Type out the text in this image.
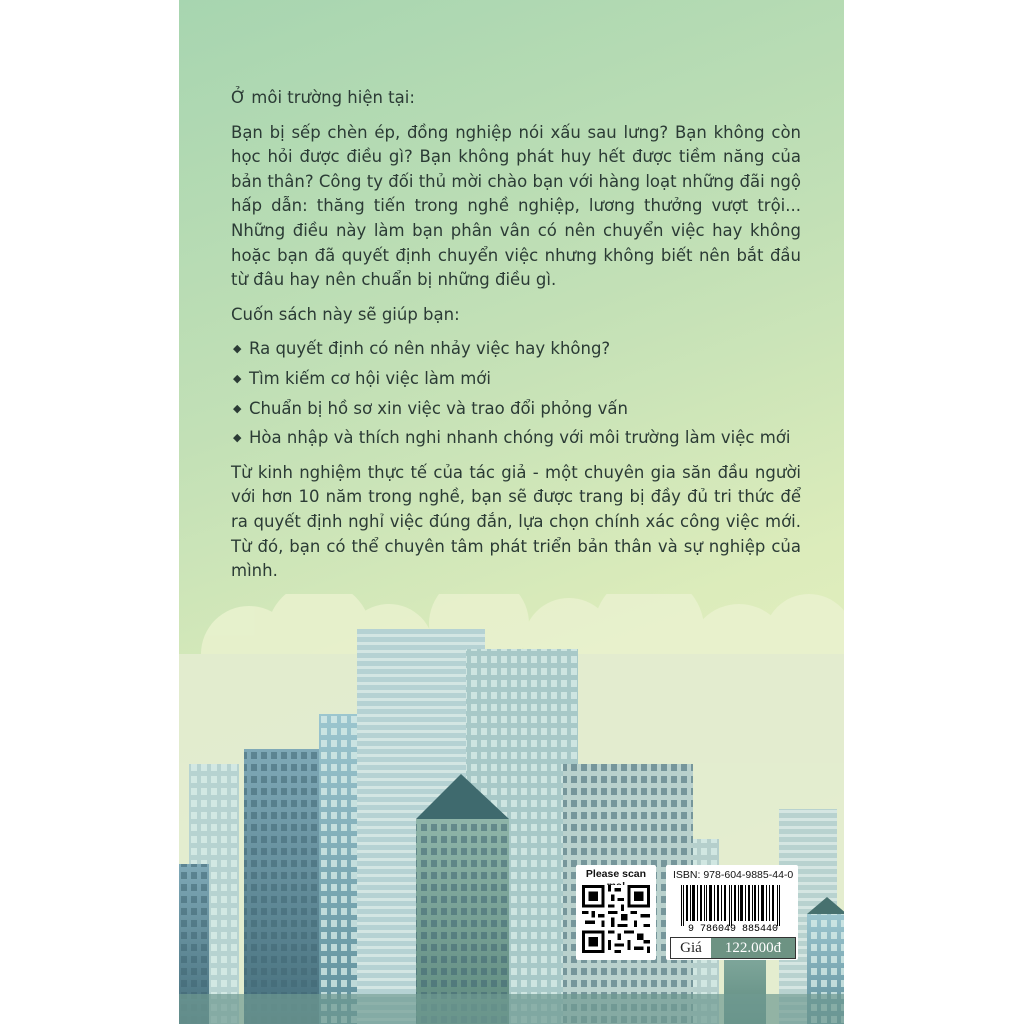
Ở môi trường hiện tại:

Bạn bị sếp chèn ép, đồng nghiệp nói xấu sau lưng? Bạn không còn học hỏi được điều gì? Bạn không phát huy hết được tiềm năng của bản thân? Công ty đối thủ mời chào bạn với hàng loạt những đãi ngộ hấp dẫn: thăng tiến trong nghề nghiệp, lương thưởng vượt trội... Những điều này làm bạn phân vân có nên chuyển việc hay không hoặc bạn đã quyết định chuyển việc nhưng không biết nên bắt đầu từ đâu hay nên chuẩn bị những điều gì.

Cuốn sách này sẽ giúp bạn:

◆ Ra quyết định có nên nhảy việc hay không?
◆ Tìm kiếm cơ hội việc làm mới
◆ Chuẩn bị hồ sơ xin việc và trao đổi phỏng vấn
◆ Hòa nhập và thích nghi nhanh chóng với môi trường làm việc mới

Từ kinh nghiệm thực tế của tác giả - một chuyên gia săn đầu người với hơn 10 năm trong nghề, bạn sẽ được trang bị đầy đủ tri thức để ra quyết định nghỉ việc đúng đắn, lựa chọn chính xác công việc mới. Từ đó, bạn có thể chuyên tâm phát triển bản thân và sự nghiệp của mình.

Please scan	ISBN: 978-604-9885-44-0
9 786049 885440
Giá	122.000đ
